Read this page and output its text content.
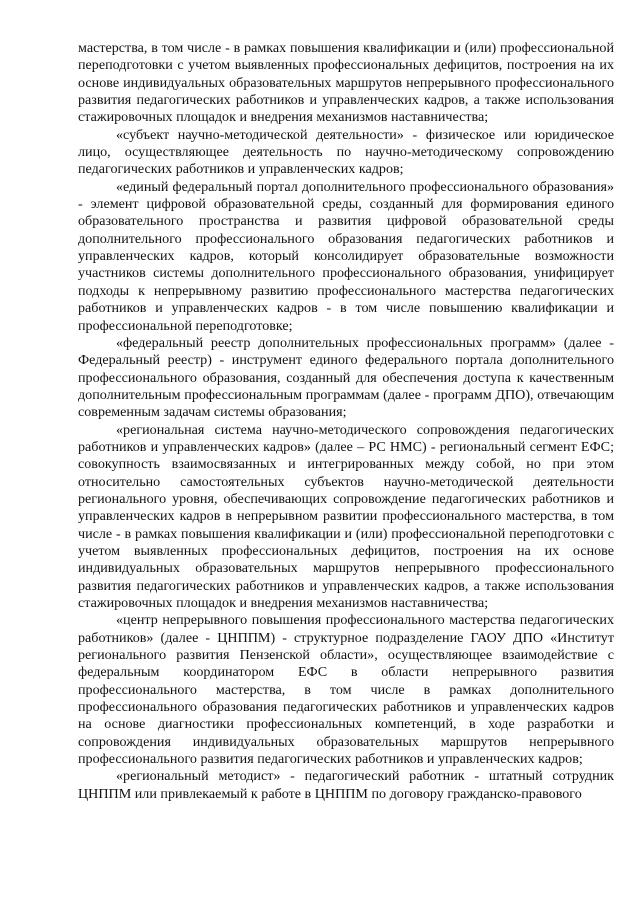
мастерства, в том числе - в рамках повышения квалификации и (или) профессиональной переподготовки с учетом выявленных профессиональных дефицитов, построения на их основе индивидуальных образовательных маршрутов непрерывного профессионального развития педагогических работников и управленческих кадров, а также использования стажировочных площадок и внедрения механизмов наставничества;

«субъект научно-методической деятельности» - физическое или юридическое лицо, осуществляющее деятельность по научно-методическому сопровождению педагогических работников и управленческих кадров;

«единый федеральный портал дополнительного профессионального образования» - элемент цифровой образовательной среды, созданный для формирования единого образовательного пространства и развития цифровой образовательной среды дополнительного профессионального образования педагогических работников и управленческих кадров, который консолидирует образовательные возможности участников системы дополнительного профессионального образования, унифицирует подходы к непрерывному развитию профессионального мастерства педагогических работников и управленческих кадров - в том числе повышению квалификации и профессиональной переподготовке;

«федеральный реестр дополнительных профессиональных программ» (далее - Федеральный реестр) - инструмент единого федерального портала дополнительного профессионального образования, созданный для обеспечения доступа к качественным дополнительным профессиональным программам (далее - программ ДПО), отвечающим современным задачам системы образования;

«региональная система научно-методического сопровождения педагогических работников и управленческих кадров» (далее – РС НМС) - региональный сегмент ЕФС; совокупность взаимосвязанных и интегрированных между собой, но при этом относительно самостоятельных субъектов научно-методической деятельности регионального уровня, обеспечивающих сопровождение педагогических работников и управленческих кадров в непрерывном развитии профессионального мастерства, в том числе - в рамках повышения квалификации и (или) профессиональной переподготовки с учетом выявленных профессиональных дефицитов, построения на их основе индивидуальных образовательных маршрутов непрерывного профессионального развития педагогических работников и управленческих кадров, а также использования стажировочных площадок и внедрения механизмов наставничества;

«центр непрерывного повышения профессионального мастерства педагогических работников» (далее - ЦНППМ) - структурное подразделение ГАОУ ДПО «Институт регионального развития Пензенской области», осуществляющее взаимодействие с федеральным координатором ЕФС в области непрерывного развития профессионального мастерства, в том числе в рамках дополнительного профессионального образования педагогических работников и управленческих кадров на основе диагностики профессиональных компетенций, в ходе разработки и сопровождения индивидуальных образовательных маршрутов непрерывного профессионального развития педагогических работников и управленческих кадров;

«региональный методист» - педагогический работник - штатный сотрудник ЦНППМ или привлекаемый к работе в ЦНППМ по договору гражданско-правового
